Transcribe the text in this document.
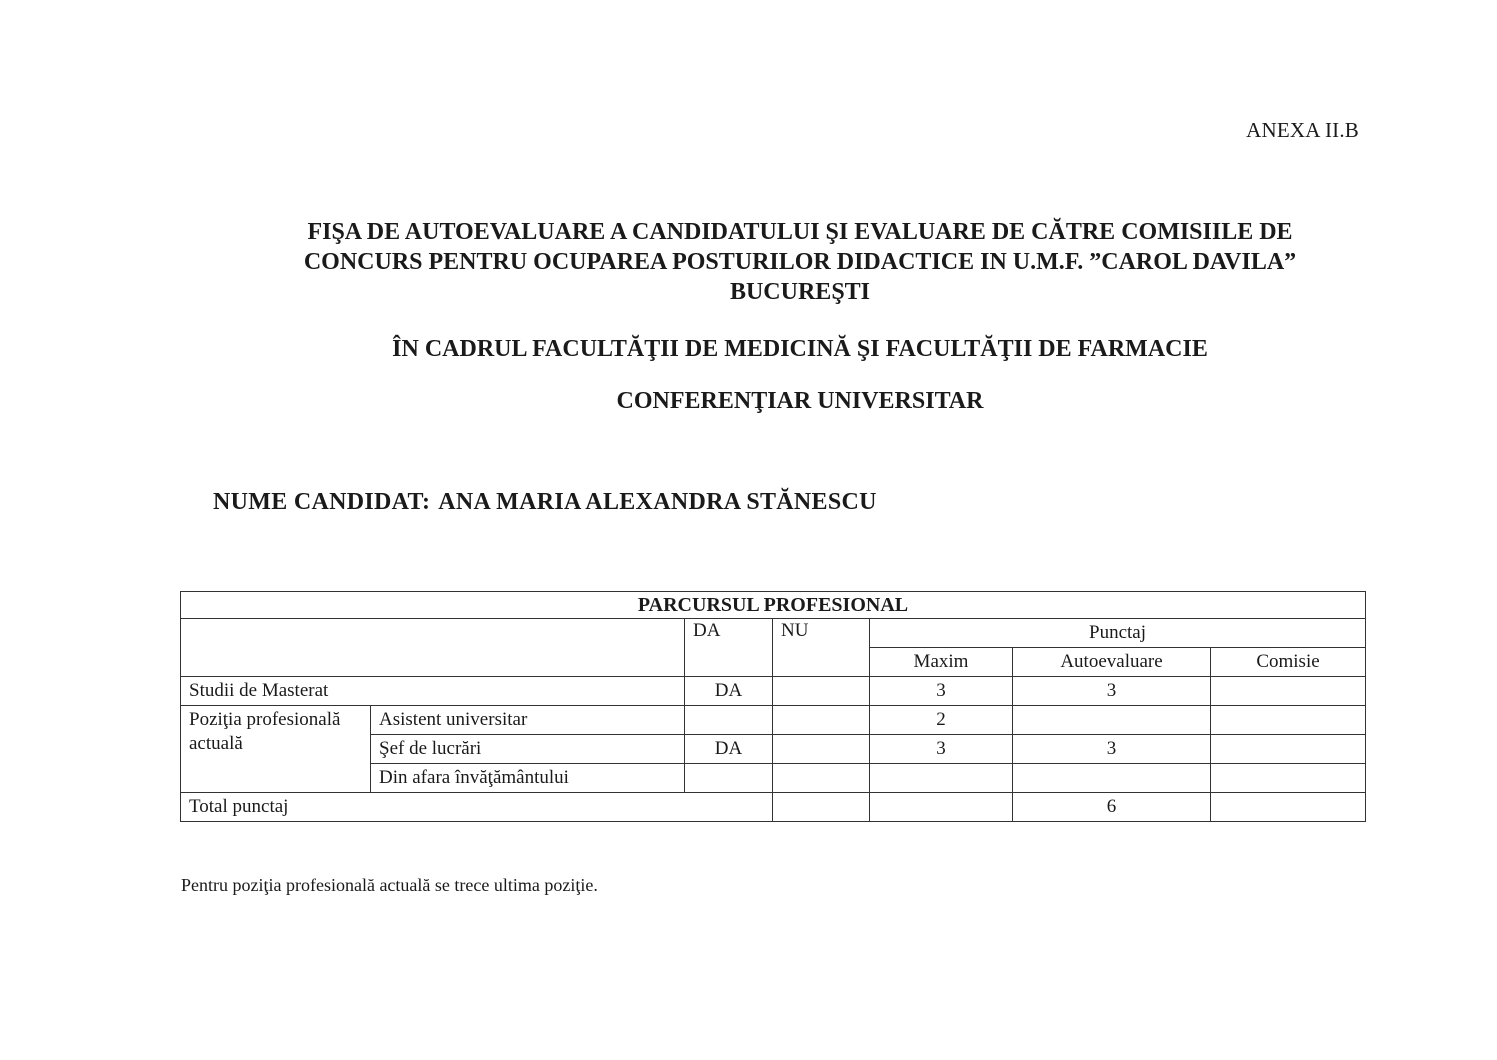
ANEXA II.B
FIŞA DE AUTOEVALUARE A CANDIDATULUI ŞI EVALUARE DE CĂTRE COMISIILE DE
CONCURS PENTRU OCUPAREA POSTURILOR DIDACTICE IN U.M.F. ”CAROL DAVILA”
BUCUREŞTI
ÎN CADRUL FACULTĂŢII DE MEDICINĂ ŞI FACULTĂŢII DE FARMACIE
CONFERENŢIAR UNIVERSITAR
NUME CANDIDAT: ANA MARIA ALEXANDRA STĂNESCU
PARCURSUL PROFESIONAL						
		DA	NU	Punctaj		
				Maxim	Autoevaluare	Comisie
Studii de Masterat		DA		3	3	
Poziţia profesională actuală	Asistent universitar			2		
	Şef de lucrări	DA		3	3	
	Din afara învăţământului					
Total punctaj					6	
Pentru poziţia profesională actuală se trece ultima poziţie.
